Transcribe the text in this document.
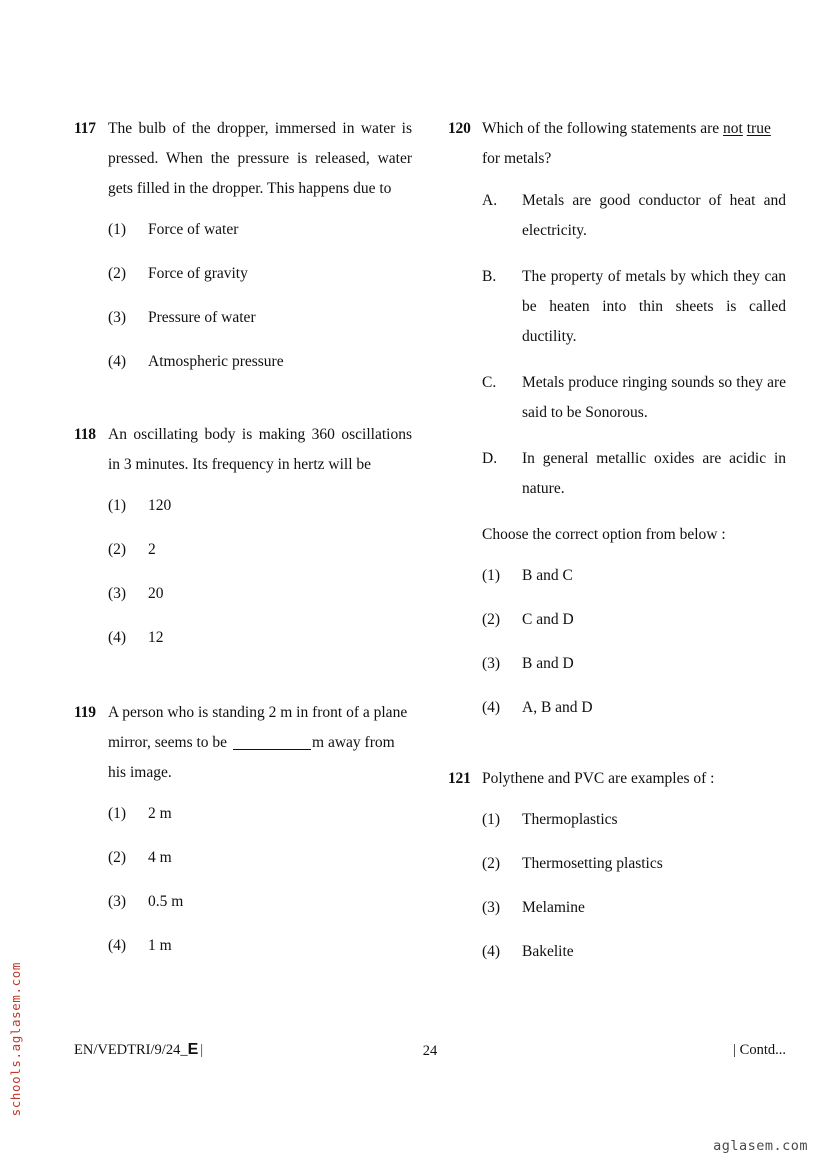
117 The bulb of the dropper, immersed in water is pressed. When the pressure is released, water gets filled in the dropper. This happens due to

(1)	Force of water
(2)	Force of gravity
(3)	Pressure of water
(4)	Atmospheric pressure
118 An oscillating body is making 360 oscillations in 3 minutes. Its frequency in hertz will be

(1)	120
(2)	2
(3)	20
(4)	12
119 A person who is standing 2 m in front of a plane mirror, seems to be	m away from his image.

(1)	2 m
(2)	4 m
(3)	0.5 m
(4)	1 m
120 Which of the following statements are not true for metals?

A.	Metals are good conductor of heat and electricity.
B.	The property of metals by which they can be heaten into thin sheets is called ductility.
C.	Metals produce ringing sounds so they are said to be Sonorous.
D.	In general metallic oxides are acidic in nature.

Choose the correct option from below :

(1)	B and C
(2)	C and D
(3)	B and D
(4)	A, B and D
121 Polythene and PVC are examples of :

(1)	Thermoplastics
(2)	Thermosetting plastics
(3)	Melamine
(4)	Bakelite
EN/VEDTRI/9/24_E |	24	| Contd...
schools.aglasem.com
aglasem.com
